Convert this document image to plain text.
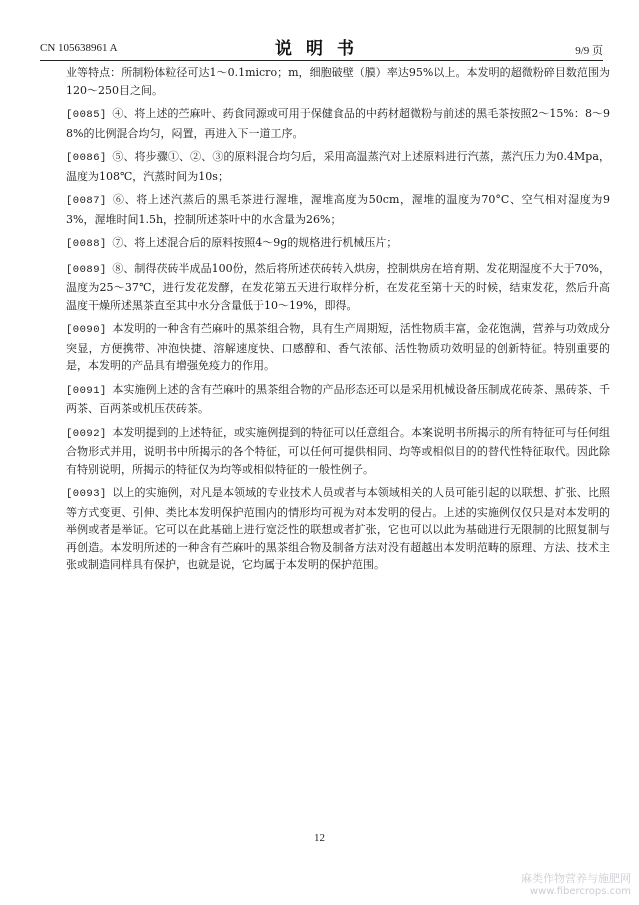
CN 105638961 A	说明书	9/9 页

业等特点：所制粉体粒径可达1～0.1micro；m，细胞破壁（膜）率达95%以上。本发明的超微粉碎目数范围为120～250目之间。

[0085] ④、将上述的苎麻叶、药食同源或可用于保健食品的中药材超微粉与前述的黑毛茶按照2～15%：8～98%的比例混合均匀，闷置，再进入下一道工序。

[0086] ⑤、将步骤①、②、③的原料混合均匀后，采用高温蒸汽对上述原料进行汽蒸，蒸汽压力为0.4Mpa，温度为108℃，汽蒸时间为10s；

[0087] ⑥、将上述汽蒸后的黑毛茶进行渥堆，渥堆高度为50cm，渥堆的温度为70°C、空气相对湿度为93%，渥堆时间1.5h，控制所述茶叶中的水含量为26%；

[0088] ⑦、将上述混合后的原料按照4～9g的规格进行机械压片；

[0089] ⑧、制得茯砖半成品100份，然后将所述茯砖转入烘房，控制烘房在培育期、发花期湿度不大于70%，温度为25～37℃，进行发花发酵，在发花第五天进行取样分析，在发花至第十天的时候，结束发花，然后升高温度干燥所述黑茶直至其中水分含量低于10～19%，即得。

[0090] 本发明的一种含有苎麻叶的黑茶组合物，具有生产周期短，活性物质丰富，金花饱满，营养与功效成分突显，方便携带、冲泡快捷、溶解速度快、口感醇和、香气浓郁、活性物质功效明显的创新特征。特别重要的是，本发明的产品具有增强免疫力的作用。

[0091] 本实施例上述的含有苎麻叶的黑茶组合物的产品形态还可以是采用机械设备压制成花砖茶、黑砖茶、千两茶、百两茶或机压茯砖茶。

[0092] 本发明提到的上述特征，或实施例提到的特征可以任意组合。本案说明书所揭示的所有特征可与任何组合物形式并用，说明书中所揭示的各个特征，可以任何可提供相同、均等或相似目的的替代性特征取代。因此除有特别说明，所揭示的特征仅为均等或相似特征的一般性例子。

[0093] 以上的实施例，对凡是本领域的专业技术人员或者与本领域相关的人员可能引起的以联想、扩张、比照等方式变更、引伸、类比本发明保护范围内的情形均可视为对本发明的侵占。上述的实施例仅仅只是对本发明的举例或者是举证。它可以在此基础上进行宽泛性的联想或者扩张，它也可以以此为基础进行无限制的比照复制与再创造。本发明所述的一种含有苎麻叶的黑茶组合物及制备方法对没有超越出本发明范畴的原理、方法、技术主张或制造同样具有保护，也就是说，它均属于本发明的保护范围。

12
麻类作物营养与施肥网
www.fibercrops.com
